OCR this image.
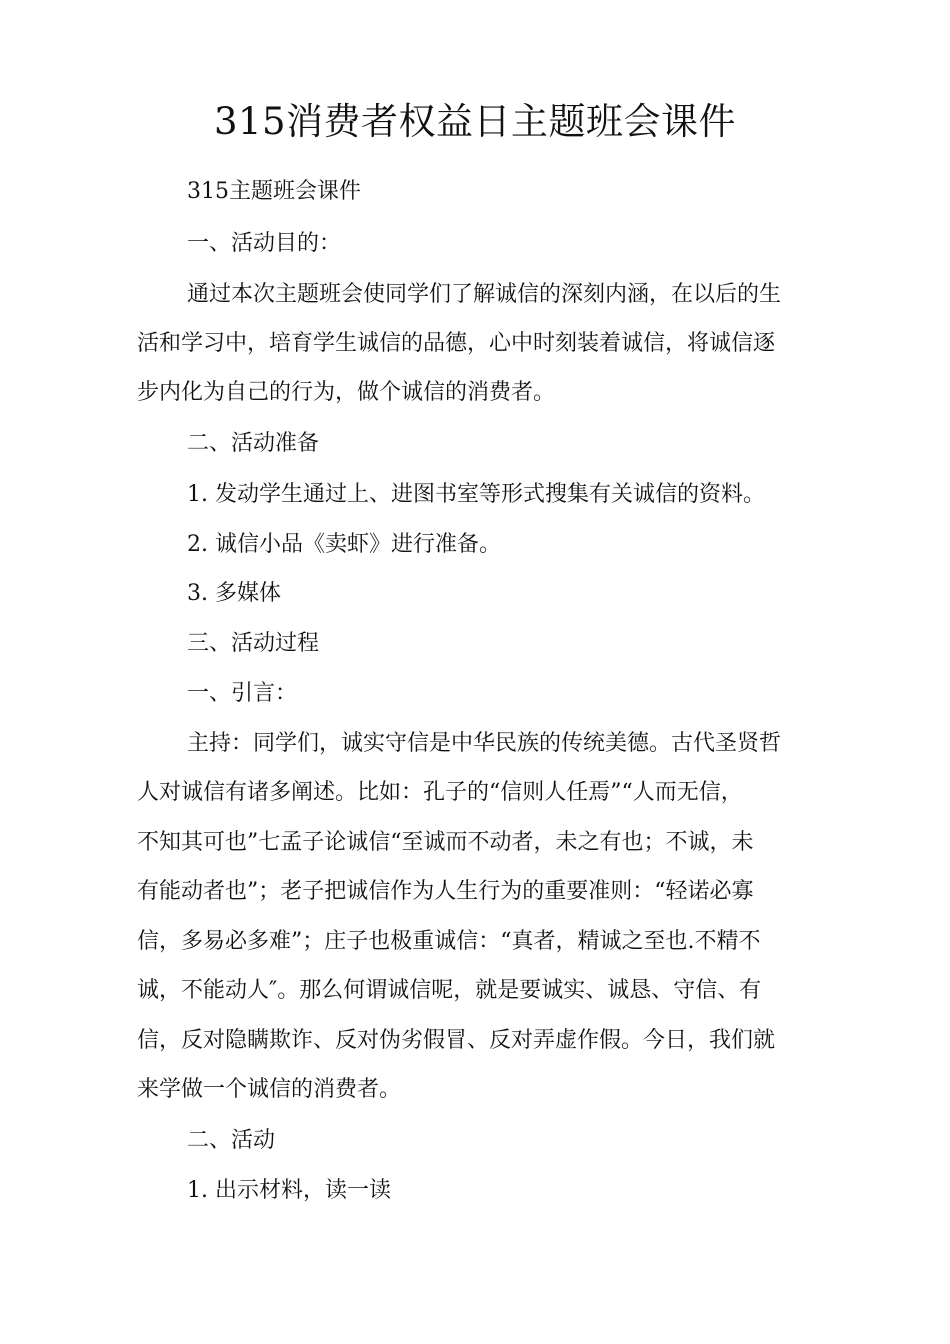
315消费者权益日主题班会课件

315主题班会课件

一、活动目的：

通过本次主题班会使同学们了解诚信的深刻内涵，在以后的生

活和学习中，培育学生诚信的品德，心中时刻装着诚信，将诚信逐

步内化为自己的行为，做个诚信的消费者。

二、活动准备

1. 发动学生通过上、进图书室等形式搜集有关诚信的资料。

2. 诚信小品《卖虾》进行准备。

3. 多媒体

三、活动过程

一、引言：

主持：同学们，诚实守信是中华民族的传统美德。古代圣贤哲

人对诚信有诸多阐述。比如：孔子的“信则人任焉”“人而无信，

不知其可也”七孟子论诚信“至诚而不动者，未之有也；不诚，未

有能动者也”；老子把诚信作为人生行为的重要准则：“轻诺必寡

信，多易必多难”；庄子也极重诚信：“真者，精诚之至也.不精不

诚，不能动人″。那么何谓诚信呢，就是要诚实、诚恳、守信、有

信，反对隐瞒欺诈、反对伪劣假冒、反对弄虚作假。今日，我们就

来学做一个诚信的消费者。

二、活动

1. 出示材料，读一读
